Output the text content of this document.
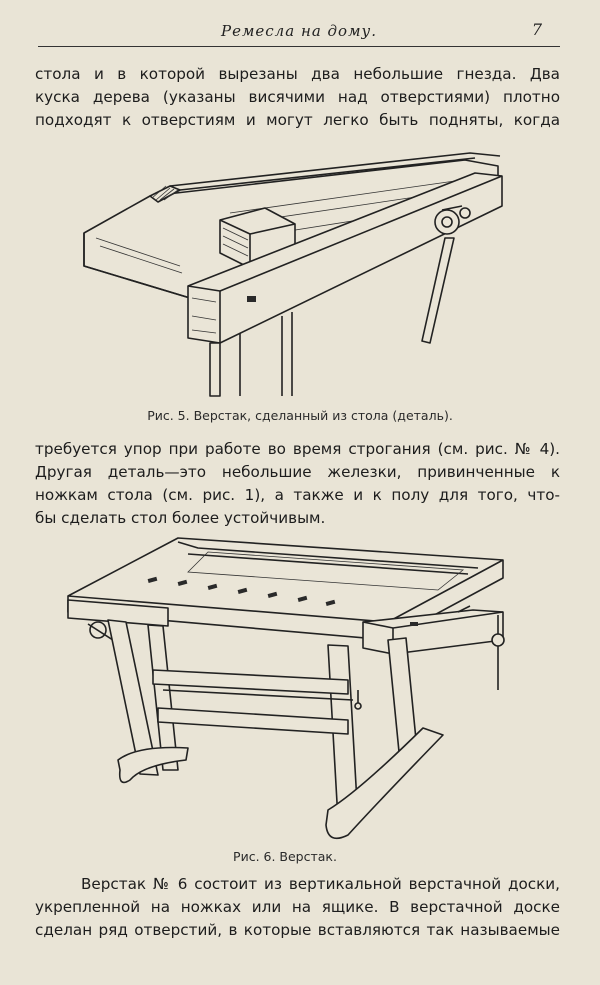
Ремесла на дому.	7
стола и в которой вырезаны два небольшие гнезда. Два
куска дерева (указаны висячими над отверстиями) плотно
подходят к отверстиям и могут легко быть подняты, когда
Рис. 5. Верстак, сделанный из стола (деталь).
требуется упор при работе во время строгания (см. рис. № 4).
Другая деталь—это небольшие железки, привинченные к
ножкам стола (см. рис. 1), а также и к полу для того, что-
бы сделать стол более устойчивым.
Рис. 6. Верстак.
Верстак № 6 состоит из вертикальной верстачной доски,
укрепленной на ножках или на ящике. В верстачной доске
сделан ряд отверстий, в которые вставляются так называемые
